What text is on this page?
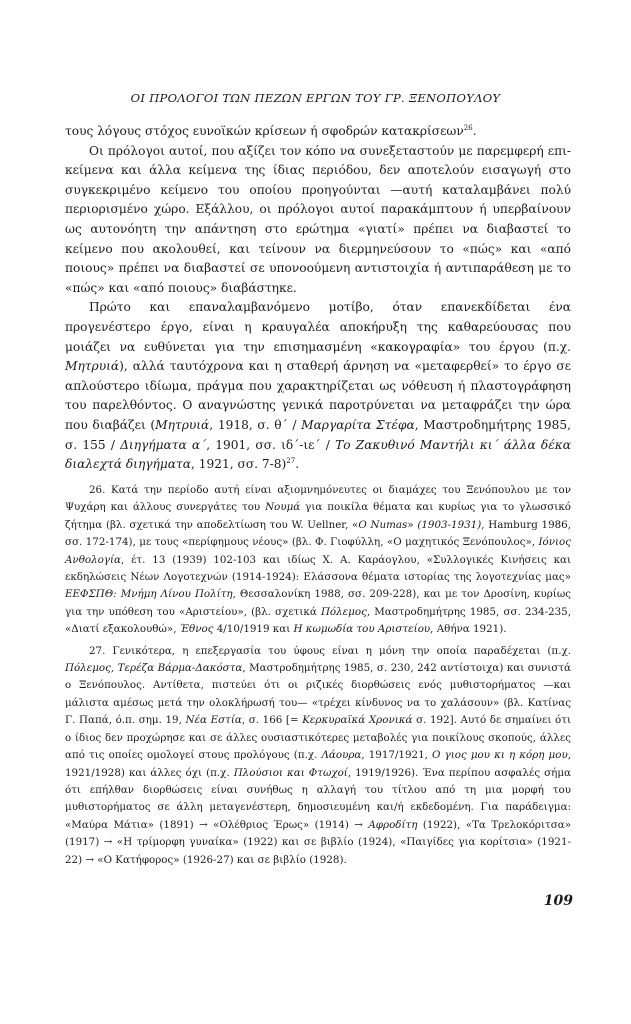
ΟΙ ΠΡΟΛΟΓΟΙ ΤΩΝ ΠΕΖΩΝ ΕΡΓΩΝ ΤΟΥ ΓΡ. ΞΕΝΟΠΟΥΛΟΥ

τους λόγους στόχος ευνοϊκών κρίσεων ή σφοδρών κατακρίσεων$^{26}$.

Οι πρόλογοι αυτοί, που αξίζει τον κόπο να συνεξεταστούν με παρεμφερή επι-κείμενα και άλλα κείμενα της ίδιας περιόδου, δεν αποτελούν εισαγωγή στο συγκεκριμένο κείμενο του οποίου προηγούνται —αυτή καταλαμβάνει πολύ περιορισμένο χώρο. Εξάλλου, οι πρόλογοι αυτοί παρακάμπτουν ή υπερβαίνουν ως αυτονόητη την απάντηση στο ερώτημα «γιατί» πρέπει να διαβαστεί το κείμενο που ακολουθεί, και τείνουν να διερμηνεύσουν το «πώς» και «από ποιους» πρέπει να διαβαστεί σε υπονοούμενη αντιστοιχία ή αντιπαράθεση με το «πώς» και «από ποιους» διαβάστηκε.

Πρώτο και επαναλαμβανόμενο μοτίβο, όταν επανεκδίδεται ένα προγενέστερο έργο, είναι η κραυγαλέα αποκήρυξη της καθαρεύουσας που μοιάζει να ευθύνεται για την επισημασμένη «κακογραφία» του έργου (π.χ. Μητρυιά), αλλά ταυτόχρονα και η σταθερή άρνηση να «μεταφερθεί» το έργο σε απλούστερο ιδίωμα, πράγμα που χαρακτηρίζεται ως νόθευση ή πλαστογράφηση του παρελθόντος. Ο αναγνώστης γενικά παροτρύνεται να μεταφράζει την ώρα που διαβάζει (Μητρυιά, 1918, σ. θ΄ / Μαργαρίτα Στέφα, Μαστροδημήτρης 1985, σ. 155 / Διηγήματα α΄, 1901, σσ. ιδ΄-ιε΄ / Το Ζακυθινό Μαντήλι κι΄ άλλα δέκα διαλεχτά διηγήματα, 1921, σσ. 7-8)$^{27}$.

26. Κατά την περίοδο αυτή είναι αξιομνημόνευτες οι διαμάχες του Ξενόπουλου με τον Ψυχάρη και άλλους συνεργάτες του Νουμά για ποικίλα θέματα και κυρίως για το γλωσσικό ζήτημα (βλ. σχετικά την αποδελτίωση του W. Uellner, «Ο Νumas» (1903-1931), Hamburg 1986, σσ. 172-174), με τους «περίφημους νέους» (βλ. Φ. Γιοφύλλη, «Ο μαχητικός Ξενόπουλος», Ιόνιος Ανθολογία, έτ. 13 (1939) 102-103 και ιδίως Χ. Α. Καράογλου, «Συλλογικές Κινήσεις και εκδηλώσεις Νέων Λογοτεχνών (1914-1924): Ελάσσονα θέματα ιστορίας της λογοτεχνίας μας» ΕΕΦΣΠΘ: Μνήμη Λίνου Πολίτη, Θεσσαλονίκη 1988, σσ. 209-228), και με τον Δροσίνη, κυρίως για την υπόθεση του «Αριστείου», (βλ. σχετικά Πόλεμος, Μαστροδημήτρης 1985, σσ. 234-235, «Διατί εξακολουθώ», Έθνος 4/10/1919 και Η κωμωδία του Αριστείου, Αθήνα 1921).

27. Γενικότερα, η επεξεργασία του ύφους είναι η μόνη την οποία παραδέχεται (π.χ. Πόλεμος, Τερέζα Βάρμα-Δακόστα, Μαστροδημήτρης 1985, σ. 230, 242 αντίστοιχα) και συνιστά ο Ξενόπουλος. Αντίθετα, πιστεύει ότι οι ριζικές διορθώσεις ενός μυθιστορήματος —και μάλιστα αμέσως μετά την ολοκλήρωσή του— «τρέχει κίνδυνος να το χαλάσουν» (βλ. Κατίνας Γ. Παπά, ό.π. σημ. 19, Νέα Εστία, σ. 166 [= Κερκυραϊκά Χρονικά σ. 192]. Αυτό δε σημαίνει ότι ο ίδιος δεν προχώρησε και σε άλλες ουσιαστικότερες μεταβολές για ποικίλους σκοπούς, άλλες από τις οποίες ομολογεί στους προλόγους (π.χ. Λάουρα, 1917/1921, Ο γιος μου κι η κόρη μου, 1921/1928) και άλλες όχι (π.χ. Πλούσιοι και Φτωχοί, 1919/1926). Ένα περίπου ασφαλές σήμα ότι επήλθαν διορθώσεις είναι συνήθως η αλλαγή του τίτλου από τη μια μορφή του μυθιστορήματος σε άλλη μεταγενέστερη, δημοσιευμένη και/ή εκδεδομένη. Για παράδειγμα: «Μαύρα Μάτια» (1891) → «Ολέθριος Έρως» (1914) → Αφροδίτη (1922), «Τα Τρελοκόριτσα» (1917) → «Η τρίμορφη γυναίκα» (1922) και σε βιβλίο (1924), «Παιγίδες για κορίτσια» (1921-22) → «Ο Κατήφορος» (1926-27) και σε βιβλίο (1928).

109
